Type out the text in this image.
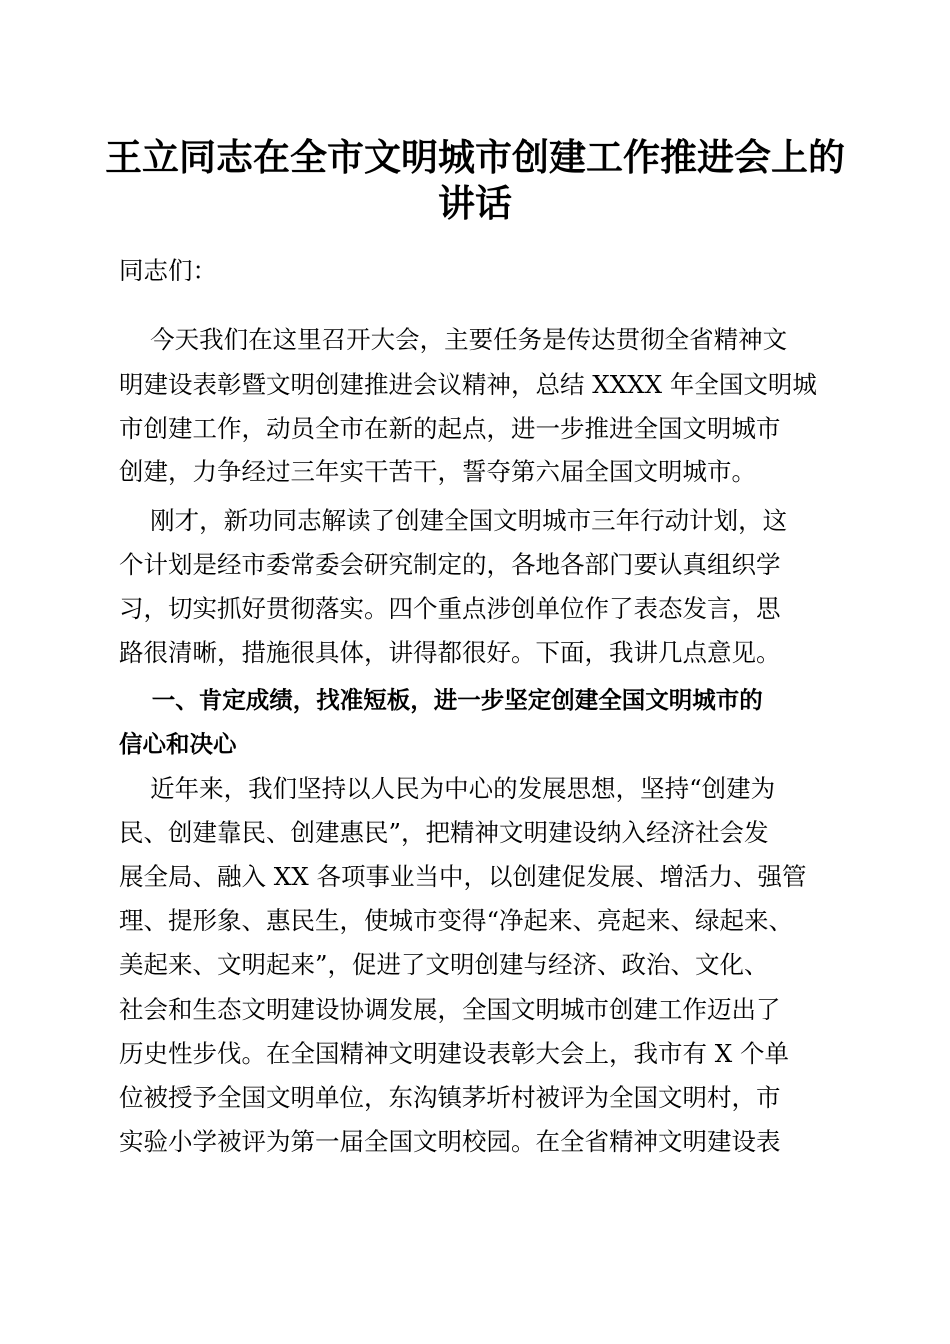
王立同志在全市文明城市创建工作推进会上的
讲话
同志们：
今天我们在这里召开大会，主要任务是传达贯彻全省精神文
明建设表彰暨文明创建推进会议精神，总结 XXXX 年全国文明城
市创建工作，动员全市在新的起点，进一步推进全国文明城市
创建，力争经过三年实干苦干，誓夺第六届全国文明城市。
刚才，新功同志解读了创建全国文明城市三年行动计划，这
个计划是经市委常委会研究制定的，各地各部门要认真组织学
习，切实抓好贯彻落实。四个重点涉创单位作了表态发言，思
路很清晰，措施很具体，讲得都很好。下面，我讲几点意见。
一、肯定成绩，找准短板，进一步坚定创建全国文明城市的
信心和决心
近年来，我们坚持以人民为中心的发展思想，坚持“创建为
民、创建靠民、创建惠民”，把精神文明建设纳入经济社会发
展全局、融入 XX 各项事业当中，以创建促发展、增活力、强管
理、提形象、惠民生，使城市变得“净起来、亮起来、绿起来、
美起来、文明起来”，促进了文明创建与经济、政治、文化、
社会和生态文明建设协调发展，全国文明城市创建工作迈出了
历史性步伐。在全国精神文明建设表彰大会上，我市有 X 个单
位被授予全国文明单位，东沟镇茅圻村被评为全国文明村，市
实验小学被评为第一届全国文明校园。在全省精神文明建设表
